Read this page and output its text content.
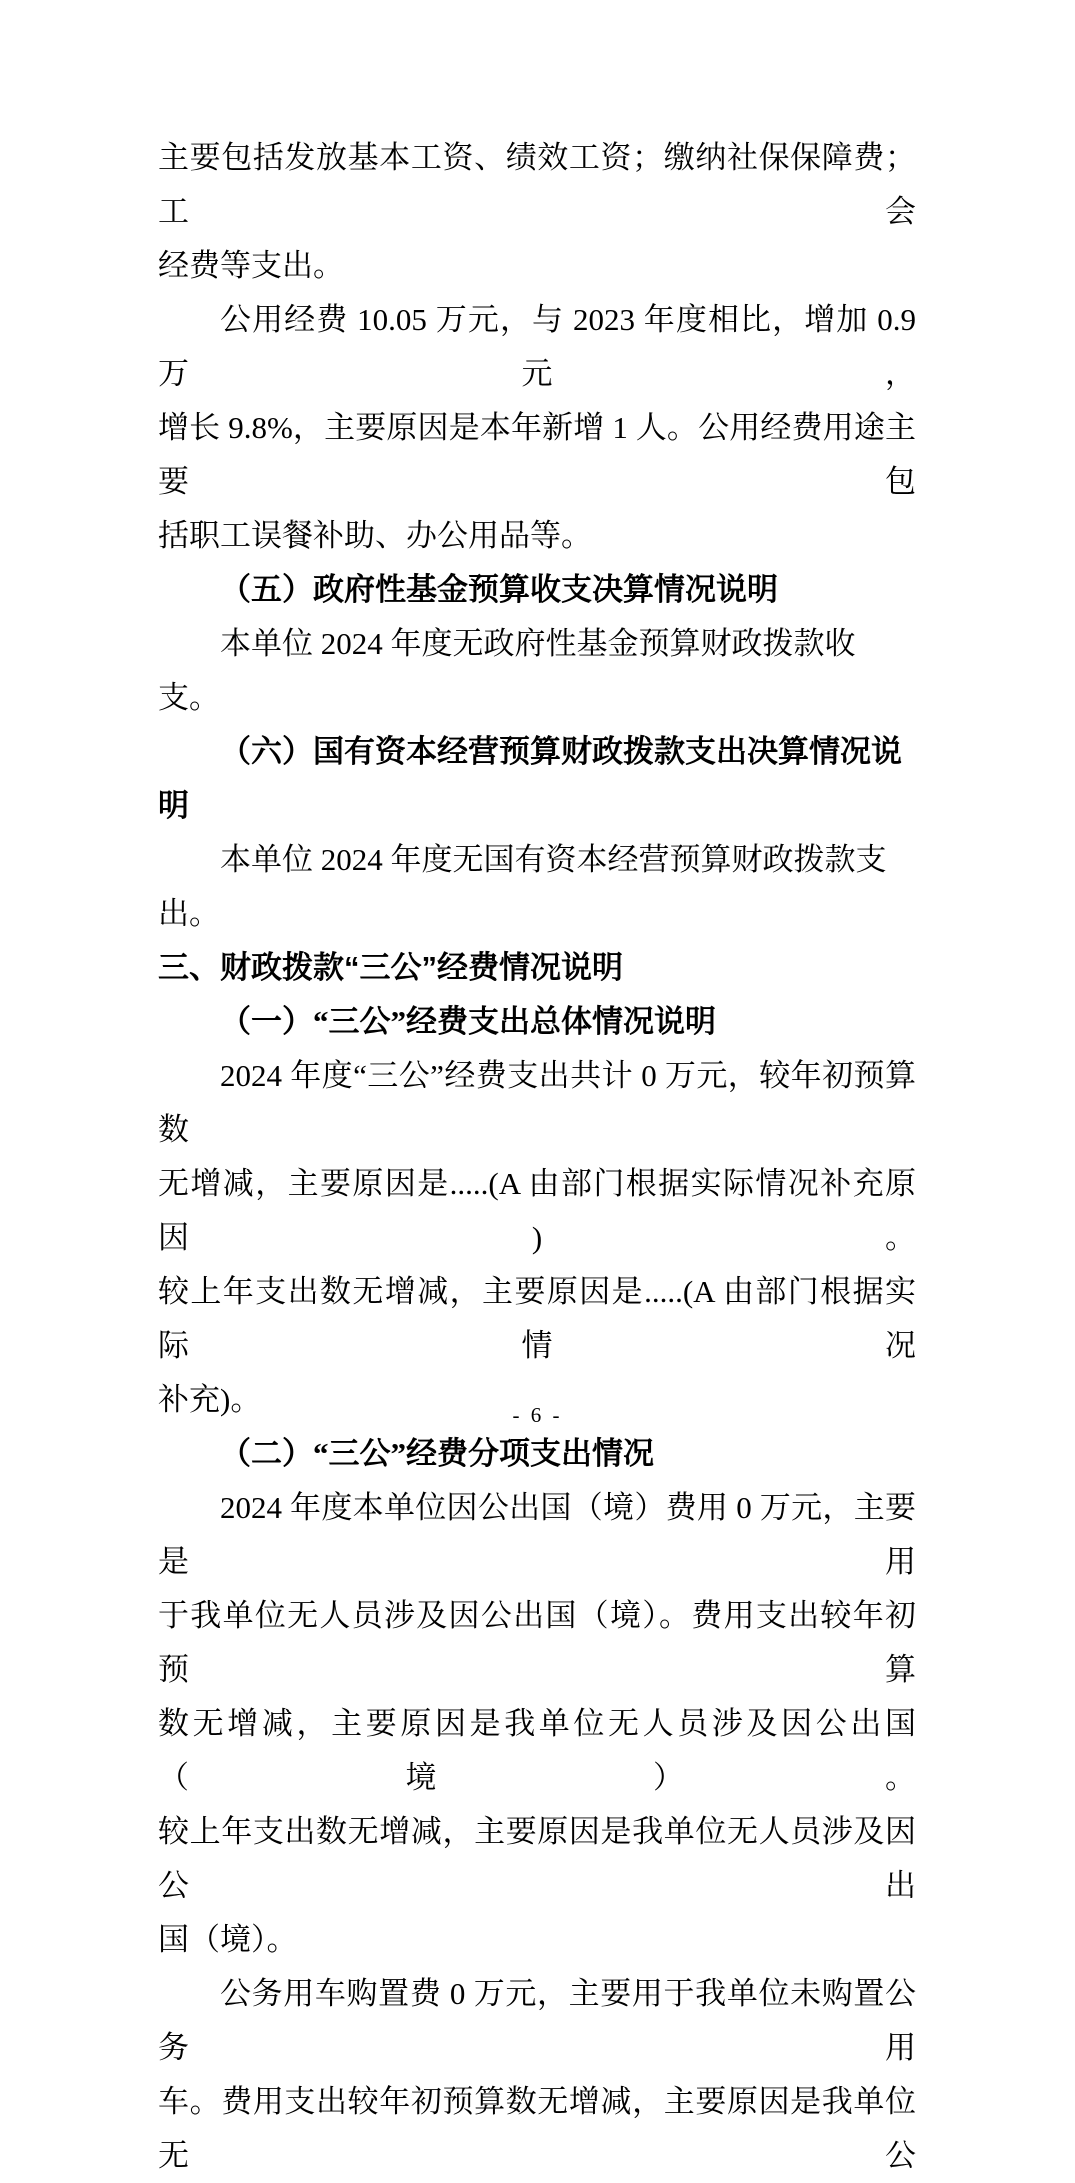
主要包括发放基本工资、绩效工资；缴纳社保保障费；工会
经费等支出。
公用经费 10.05 万元，与 2023 年度相比，增加 0.9 万元，
增长 9.8%，主要原因是本年新增 1 人。公用经费用途主要包
括职工误餐补助、办公用品等。
（五）政府性基金预算收支决算情况说明
本单位 2024 年度无政府性基金预算财政拨款收支。
（六）国有资本经营预算财政拨款支出决算情况说明
本单位 2024 年度无国有资本经营预算财政拨款支出。
三、财政拨款“三公”经费情况说明
（一）“三公”经费支出总体情况说明
2024 年度“三公”经费支出共计 0 万元，较年初预算数
无增减，主要原因是.....(A 由部门根据实际情况补充原因)。
较上年支出数无增减，主要原因是.....(A 由部门根据实际情况
补充)。
（二）“三公”经费分项支出情况
2024 年度本单位因公出国（境）费用 0 万元，主要是用
于我单位无人员涉及因公出国（境）。费用支出较年初预算
数无增减，主要原因是我单位无人员涉及因公出国（境）。
较上年支出数无增减，主要原因是我单位无人员涉及因公出
国（境）。
公务用车购置费 0 万元，主要用于我单位未购置公务用
车。费用支出较年初预算数无增减，主要原因是我单位无公
- 6 -
